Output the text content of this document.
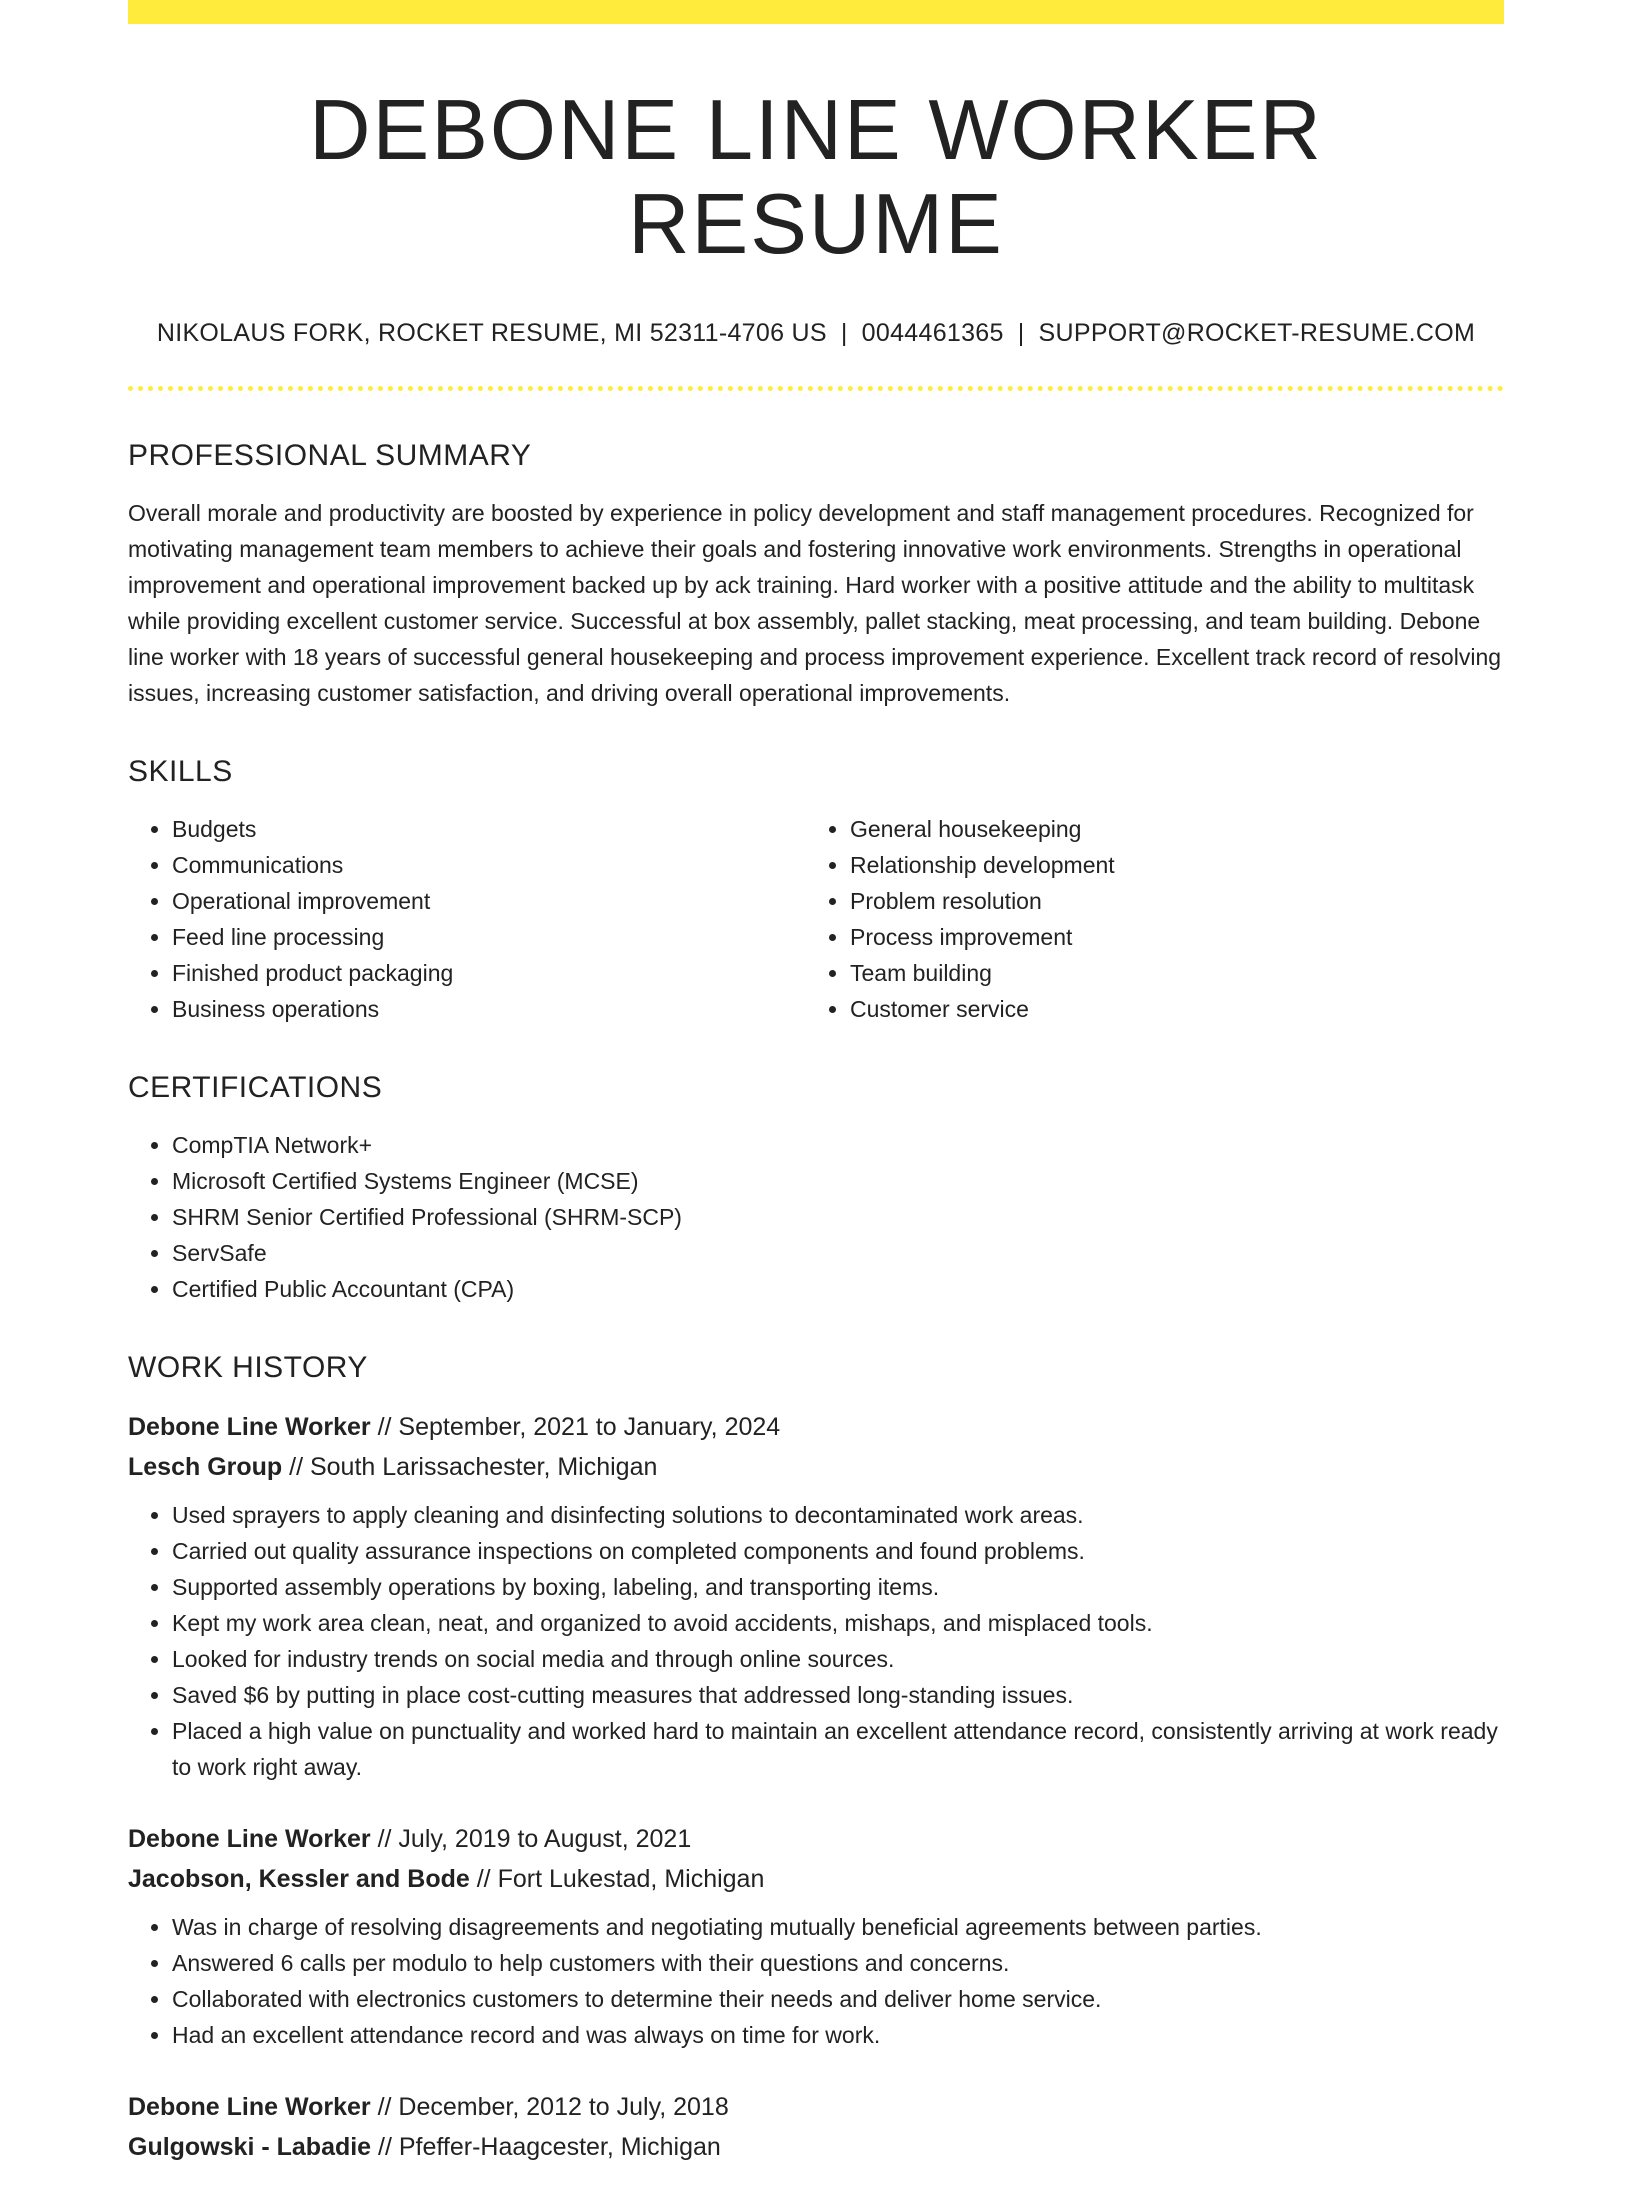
DEBONE LINE WORKER RESUME
NIKOLAUS FORK, ROCKET RESUME, MI 52311-4706 US | 0044461365 | SUPPORT@ROCKET-RESUME.COM
PROFESSIONAL SUMMARY

Overall morale and productivity are boosted by experience in policy development and staff management procedures. Recognized for motivating management team members to achieve their goals and fostering innovative work environments. Strengths in operational improvement and operational improvement backed up by ack training. Hard worker with a positive attitude and the ability to multitask while providing excellent customer service. Successful at box assembly, pallet stacking, meat processing, and team building. Debone line worker with 18 years of successful general housekeeping and process improvement experience. Excellent track record of resolving issues, increasing customer satisfaction, and driving overall operational improvements.

SKILLS
• Budgets
• Communications
• Operational improvement
• Feed line processing
• Finished product packaging
• Business operations
• General housekeeping
• Relationship development
• Problem resolution
• Process improvement
• Team building
• Customer service
CERTIFICATIONS
• CompTIA Network+
• Microsoft Certified Systems Engineer (MCSE)
• SHRM Senior Certified Professional (SHRM-SCP)
• ServSafe
• Certified Public Accountant (CPA)
WORK HISTORY
Debone Line Worker // September, 2021 to January, 2024
Lesch Group // South Larissachester, Michigan
• Used sprayers to apply cleaning and disinfecting solutions to decontaminated work areas.
• Carried out quality assurance inspections on completed components and found problems.
• Supported assembly operations by boxing, labeling, and transporting items.
• Kept my work area clean, neat, and organized to avoid accidents, mishaps, and misplaced tools.
• Looked for industry trends on social media and through online sources.
• Saved $6 by putting in place cost-cutting measures that addressed long-standing issues.
• Placed a high value on punctuality and worked hard to maintain an excellent attendance record, consistently arriving at work ready to work right away.
Debone Line Worker // July, 2019 to August, 2021
Jacobson, Kessler and Bode // Fort Lukestad, Michigan
• Was in charge of resolving disagreements and negotiating mutually beneficial agreements between parties.
• Answered 6 calls per modulo to help customers with their questions and concerns.
• Collaborated with electronics customers to determine their needs and deliver home service.
• Had an excellent attendance record and was always on time for work.
Debone Line Worker // December, 2012 to July, 2018
Gulgowski - Labadie // Pfeffer-Haagcester, Michigan
